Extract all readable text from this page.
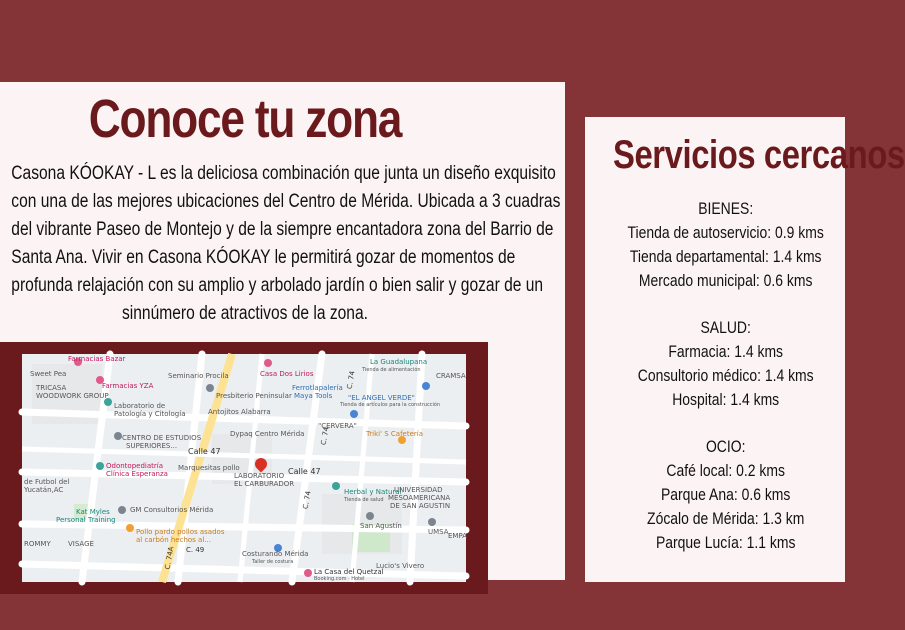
Conoce tu zona
Casona KÓOKAY - L es la deliciosa combinación que junta un diseño exquisito
con una de las mejores ubicaciones del Centro de Mérida. Ubicada a 3 cuadras
del vibrante Paseo de Montejo y de la siempre encantadora zona del Barrio de
Santa Ana. Vivir en Casona KÓOKAY le permitirá gozar de momentos de
profunda relajación con su amplio y arbolado jardín o bien salir y gozar de un
sinnúmero de atractivos de la zona.
Farmacias Bazar	La Guadalupana
Tienda de alimentación
Sweet Pea	Seminario Procila	Casa Dos Lirios
Farmacias YZA
CRAMSA
TRICASA
WOODWORK GROUP
Ferrotlapalería
Maya Tools "EL ANGEL VERDE"
Tienda de artículos para la construcción
Presbiterio Peninsular
Laboratorio de
Patología y Citología	Antojitos Alabarra
"CERVERA"
CENTRO DE ESTUDIOS
SUPERIORES...
Dypaq Centro Mérida	Triki' S Cafetería
Calle 47
Calle 47
Odontopediatría
Clínica Esperanza
Marquesitas pollo
de Futbol del
Yucatán,AC
LABORATORIO
EL CARBURADOR
Herbal y Natural
Tienda de salud
UNIVERSIDAD
MESOAMERICANA
DE SAN AGUSTIN
Kat Myles
Personal Training
GM Consultorios Mérida
San Agustín
UMSA
Pollo pardo pollos asados
al carbón hechos al...
ROMMY VISAGE
EMPA
C. 49	Costurando Mérida
Taller de costura	Lucio's Vivero
La Casa del Quetzal
Booking.com · Hotel
C. 74
C. 74
C. 74A
C. 74
Servicios cercanos
BIENES:
Tienda de autoservicio: 0.9 kms
Tienda departamental: 1.4 kms
Mercado municipal: 0.6 kms
SALUD:
Farmacia: 1.4 kms
Consultorio médico: 1.4 kms
Hospital: 1.4 kms
OCIO:
Café local: 0.2 kms
Parque Ana: 0.6 kms
Zócalo de Mérida: 1.3 km
Parque Lucía: 1.1 kms
